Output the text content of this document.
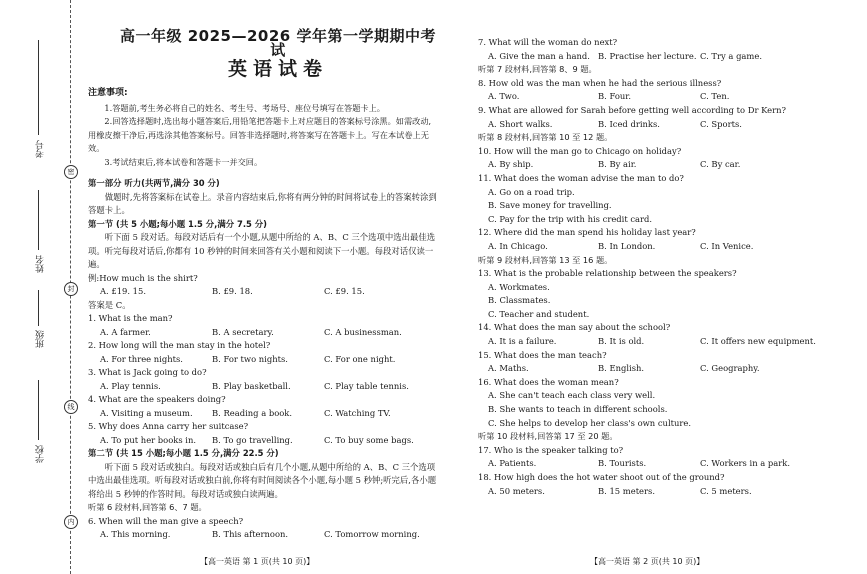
考号
姓名
班级
学校
密
封
线
内
高一年级 2025—2026 学年第一学期期中考试
英语试卷
注意事项:

1.答题前,考生务必将自己的姓名、考生号、考场号、座位号填写在答题卡上。

2.回答选择题时,选出每小题答案后,用铅笔把答题卡上对应题目的答案标号涂黑。如需改动,用橡皮擦干净后,再选涂其他答案标号。回答非选择题时,将答案写在答题卡上。写在本试卷上无效。

3.考试结束后,将本试卷和答题卡一并交回。

第一部分 听力(共两节,满分 30 分)

做题时,先将答案标在试卷上。录音内容结束后,你将有两分钟的时间将试卷上的答案转涂到答题卡上。

第一节 (共 5 小题;每小题 1.5 分,满分 7.5 分)

听下面 5 段对话。每段对话后有一个小题,从题中所给的 A、B、C 三个选项中选出最佳选项。听完每段对话后,你都有 10 秒钟的时间来回答有关小题和阅读下一小题。每段对话仅读一遍。

例:How much is the shirt?

A. £19. 15.	B. £9. 18.	C. £9. 15.

答案是 C。

1. What is the man?

A. A farmer.	B. A secretary.	C. A businessman.

2. How long will the man stay in the hotel?

A. For three nights.	B. For two nights.	C. For one night.

3. What is Jack going to do?

A. Play tennis.	B. Play basketball.	C. Play table tennis.

4. What are the speakers doing?

A. Visiting a museum.	B. Reading a book.	C. Watching TV.

5. Why does Anna carry her suitcase?

A. To put her books in.	B. To go travelling.	C. To buy some bags.
第二节 (共 15 小题;每小题 1.5 分,满分 22.5 分)

听下面 5 段对话或独白。每段对话或独白后有几个小题,从题中所给的 A、B、C 三个选项中选出最佳选项。听每段对话或独白前,你将有时间阅读各个小题,每小题 5 秒钟;听完后,各小题将给出 5 秒钟的作答时间。每段对话或独白读两遍。

听第 6 段材料,回答第 6、7 题。

6. When will the man give a speech?

A. This morning.	B. This afternoon.	C. Tomorrow morning.

7. What will the woman do next?

A. Give the man a hand. B. Practise her lecture. C. Try a game.

听第 7 段材料,回答第 8、9 题。

8. How old was the man when he had the serious illness?

A. Two.	B. Four.	C. Ten.

9. What are allowed for Sarah before getting well according to Dr Kern?

A. Short walks.	B. Iced drinks.	C. Sports.

听第 8 段材料,回答第 10 至 12 题。

10. How will the man go to Chicago on holiday?

A. By ship.	B. By air.	C. By car.

11. What does the woman advise the man to do?

A. Go on a road trip.

B. Save money for travelling.

C. Pay for the trip with his credit card.

12. Where did the man spend his holiday last year?

A. In Chicago.	B. In London.	C. In Venice.

听第 9 段材料,回答第 13 至 16 题。

13. What is the probable relationship between the speakers?

A. Workmates.

B. Classmates.

C. Teacher and student.

14. What does the man say about the school?

A. It is a failure.	B. It is old.	C. It offers new equipment.

15. What does the man teach?

A. Maths.	B. English.	C. Geography.

16. What does the woman mean?

A. She can't teach each class very well.

B. She wants to teach in different schools.

C. She helps to develop her class's own culture.

听第 10 段材料,回答第 17 至 20 题。

17. Who is the speaker talking to?

A. Patients.	B. Tourists.	C. Workers in a park.

18. How high does the hot water shoot out of the ground?

A. 50 meters.	B. 15 meters.	C. 5 meters.
【高一英语 第 1 页(共 10 页)】	【高一英语 第 2 页(共 10 页)】
